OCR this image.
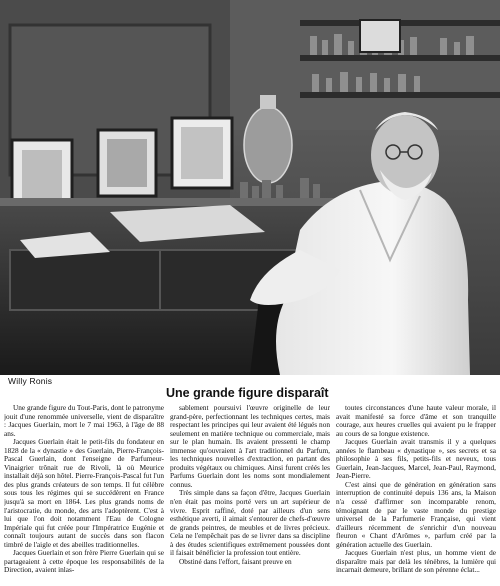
Willy Ronis
Une grande figure disparaît

Une grande figure du Tout-Paris, dont le patronyme jouit d'une renommée universelle, vient de disparaître : Jacques Guerlain, mort le 7 mai 1963, à l'âge de 88 ans.

Jacques Guerlain était le petit-fils du fondateur en 1828 de la « dynastie » des Guerlain, Pierre-François-Pascal Guerlain, dont l'enseigne de Parfumeur-Vinaigrier trônait rue de Rivoli, là où Meurice installait déjà son hôtel. Pierre-François-Pascal fut l'un des plus grands créateurs de son temps. Il fut célèbre sous tous les régimes qui se succédèrent en France jusqu'à sa mort en 1864. Les plus grands noms de l'aristocratie, du monde, des arts l'adoptèrent. C'est à lui que l'on doit notamment l'Eau de Cologne Impériale qui fut créée pour l'Impératrice Eugénie et connaît toujours autant de succès dans son flacon timbré de l'aigle et des abeilles traditionnelles.

Jacques Guerlain et son frère Pierre Guerlain qui se partageaient à cette époque les responsabilités de la Direction, avaient inlas-

sablement poursuivi l'œuvre originelle de leur grand-père, perfectionnant les techniques certes, mais respectant les principes qui leur avaient été légués non seulement en matière technique ou commerciale, mais sur le plan humain. Ils avaient pressenti le champ immense qu'ouvraient à l'art traditionnel du Parfum, les techniques nouvelles d'extraction, en partant des produits végétaux ou chimiques. Ainsi furent créés les Parfums Guerlain dont les noms sont mondialement connus.

Très simple dans sa façon d'être, Jacques Guerlain n'en était pas moins porté vers un art supérieur de vivre. Esprit raffiné, doté par ailleurs d'un sens esthétique averti, il aimait s'entourer de chefs-d'œuvre de grands peintres, de meubles et de livres précieux. Cela ne l'empêchait pas de se livrer dans sa discipline à des études scientifiques extrêmement poussées dont il faisait bénéficier la profession tout entière.

Obstiné dans l'effort, faisant preuve en

toutes circonstances d'une haute valeur morale, il avait manifesté sa force d'âme et son tranquille courage, aux heures cruelles qui avaient pu le frapper au cours de sa longue existence.

Jacques Guerlain avait transmis il y a quelques années le flambeau « dynastique », ses secrets et sa philosophie à ses fils, petits-fils et neveux, tous Guerlain, Jean-Jacques, Marcel, Jean-Paul, Raymond, Jean-Pierre.

C'est ainsi que de génération en génération sans interruption de continuité depuis 136 ans, la Maison n'a cessé d'affirmer son incomparable renom, témoignant de par le vaste monde du prestige universel de la Parfumerie Française, qui vient d'ailleurs récemment de s'enrichir d'un nouveau fleuron « Chant d'Arômes », parfum créé par la génération actuelle des Guerlain.

Jacques Guerlain n'est plus, un homme vient de disparaître mais par delà les ténèbres, la lumière qui incarnait demeure, brillant de son pérenne éclat...
